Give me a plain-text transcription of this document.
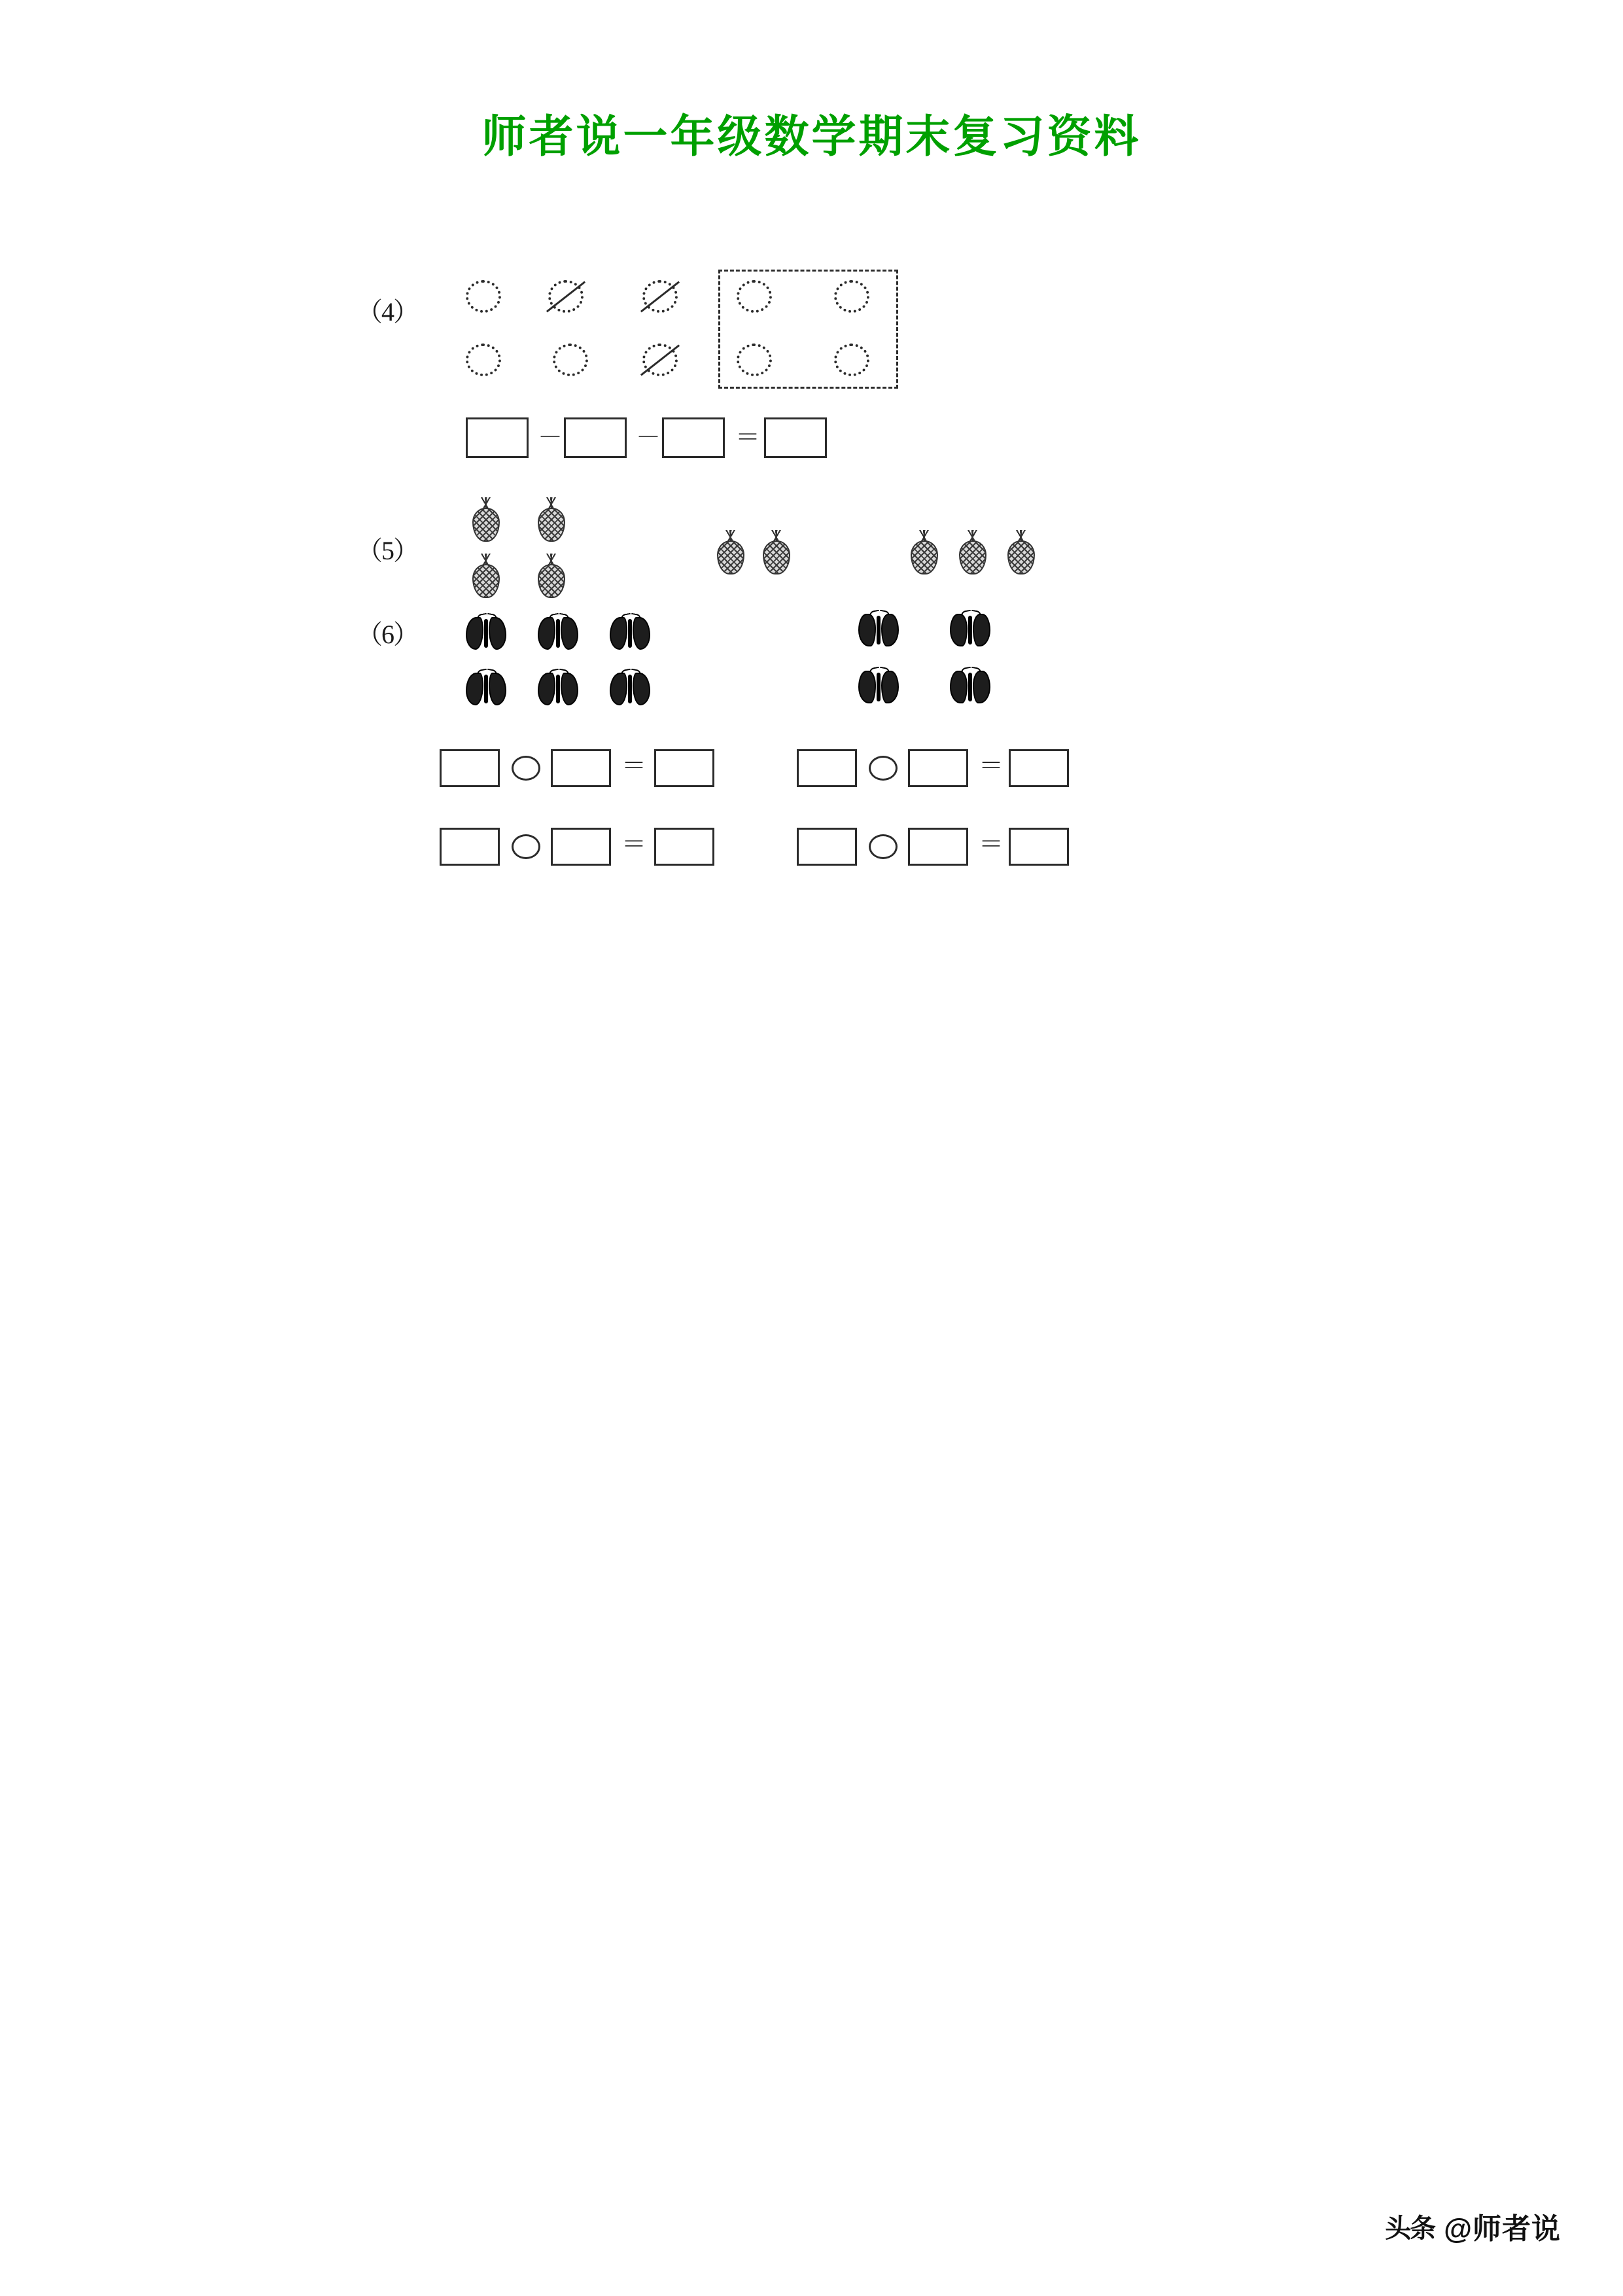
师者说一年级数学期末复习资料
（4）
－	－	＝
（5）
（6）
＝	＝
＝	＝
头条 @师者说
